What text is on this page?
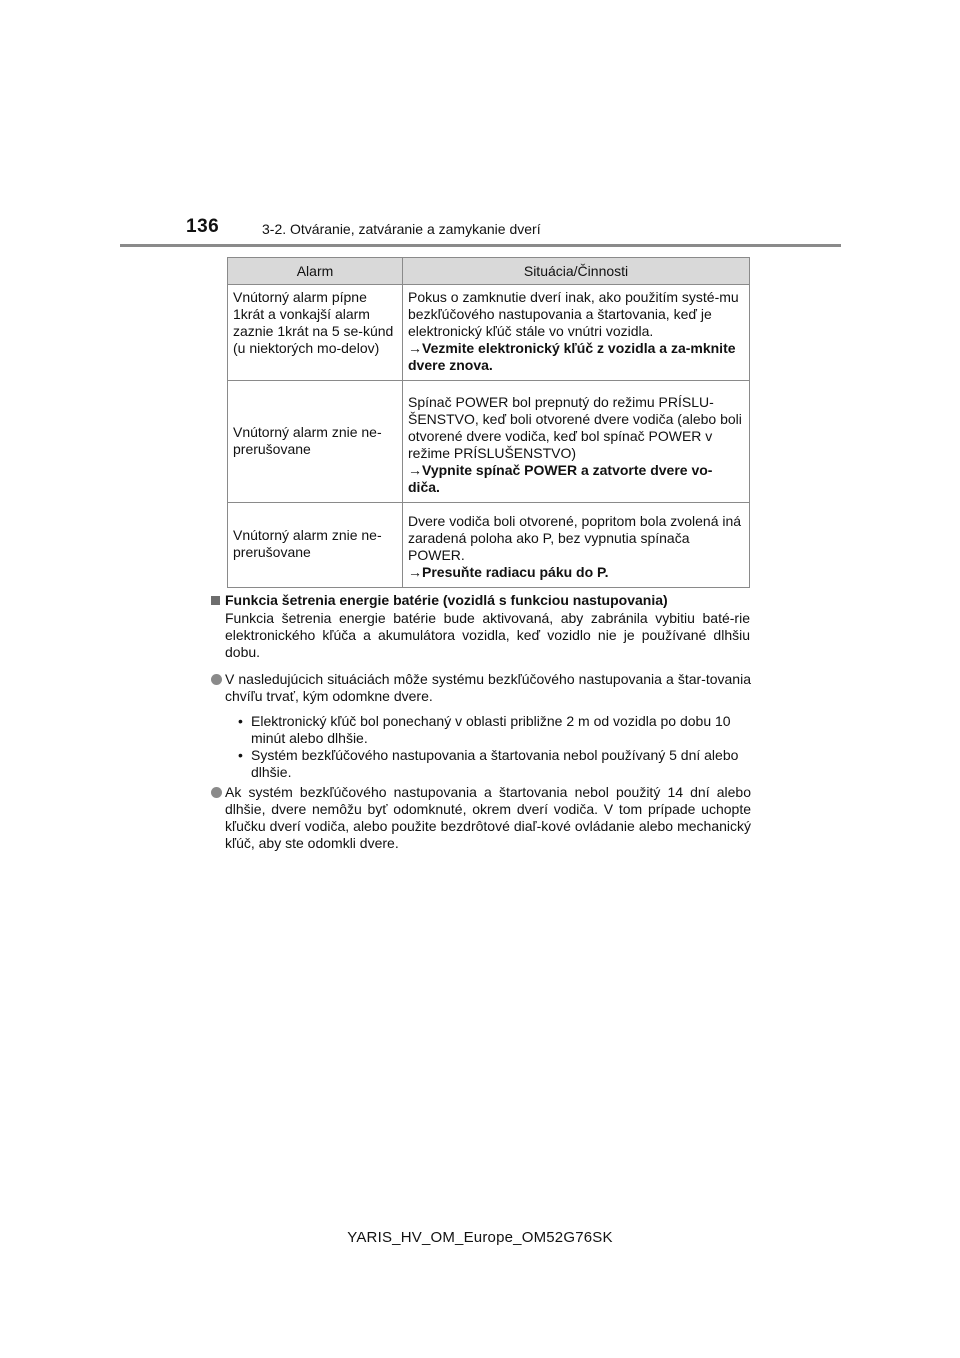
136	3-2. Otváranie, zatváranie a zamykanie dverí
Alarm	Situácia/Činnosti
Vnútorný alarm pípne 1krát a vonkajší alarm zaznie 1krát na 5 se-kúnd (u niektorých mo-delov)	Pokus o zamknutie dverí inak, ako použitím systé-mu bezkľúčového nastupovania a štartovania, keď je elektronický kľúč stále vo vnútri vozidla.
→Vezmite elektronický kľúč z vozidla a za-mknite dvere znova.

Vnútorný alarm znie ne-prerušovane	Spínač POWER bol prepnutý do režimu PRÍSLU-ŠENSTVO, keď boli otvorené dvere vodiča (alebo boli otvorené dvere vodiča, keď bol spínač POWER v režime PRÍSLUŠENSTVO)
→Vypnite spínač POWER a zatvorte dvere vo-diča.

Vnútorný alarm znie ne-prerušovane	Dvere vodiča boli otvorené, popritom bola zvolená iná zaradená poloha ako P, bez vypnutia spínača POWER.
→Presuňte radiacu páku do P.
Funkcia šetrenia energie batérie (vozidlá s funkciou nastupovania)
Funkcia šetrenia energie batérie bude aktivovaná, aby zabránila vybitiu baté-rie elektronického kľúča a akumulátora vozidla, keď vozidlo nie je používané dlhšiu dobu.
V nasledujúcich situáciách môže systému bezkľúčového nastupovania a štar-tovania chvíľu trvať, kým odomkne dvere.
• Elektronický kľúč bol ponechaný v oblasti približne 2 m od vozidla po dobu 10 minút alebo dlhšie.
• Systém bezkľúčového nastupovania a štartovania nebol používaný 5 dní alebo dlhšie.
Ak systém bezkľúčového nastupovania a štartovania nebol použitý 14 dní alebo dlhšie, dvere nemôžu byť odomknuté, okrem dverí vodiča. V tom prípade uchopte kľučku dverí vodiča, alebo použite bezdrôtové diaľ-kové ovládanie alebo mechanický kľúč, aby ste odomkli dvere.
YARIS_HV_OM_Europe_OM52G76SK
